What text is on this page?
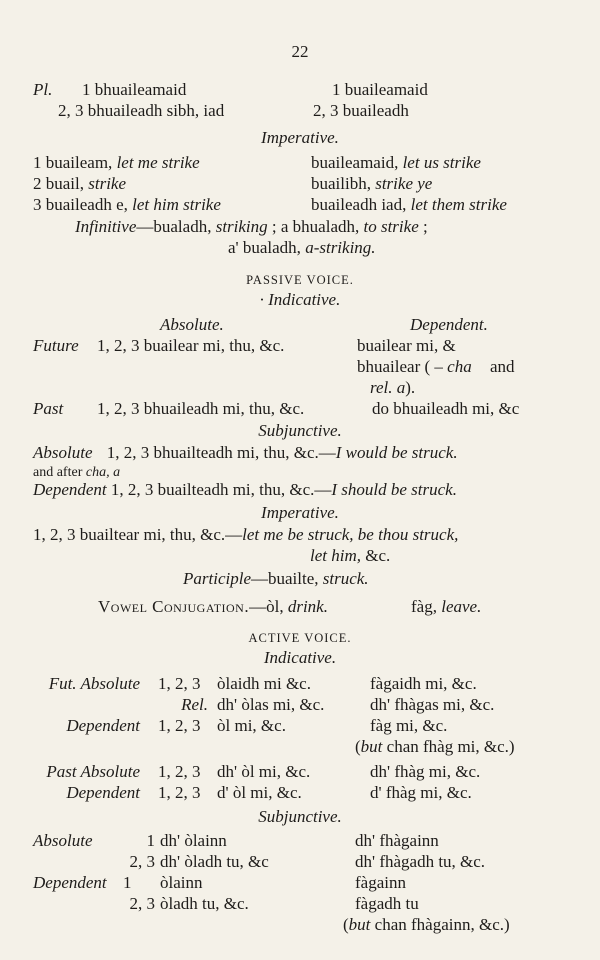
22
Pl. 1 bhuaileamaid	1 buaileamaid
2, 3 bhuaileadh sibh, iad	2, 3 buaileadh
Imperative.
1 buaileam, let me strike	buaileamaid, let us strike
2 buail, strike	buailibh, strike ye
3 buaileadh e, let him strike	buaileadh iad, let them strike
Infinitive—bualadh, striking ; a bhualadh, to strike ;
a' bualadh, a-striking.
PASSIVE VOICE.
· Indicative.
Absolute.	Dependent.
Future 1, 2, 3 buailear mi, thu, &c.	buailear mi, &
bhuailear ( – cha and
rel. a).
Past 1, 2, 3 bhuaileadh mi, thu, &c.	do bhuaileadh mi, &c
Subjunctive.
Absolute 1, 2, 3 bhuailteadh mi, thu, &c.—I would be struck.
and after cha, a
Dependent 1, 2, 3 buailteadh mi, thu, &c.—I should be struck.
Imperative.
1, 2, 3 buailtear mi, thu, &c.—let me be struck, be thou struck,
let him, &c.
Participle—buailte, struck.
Vowel Conjugation.—òl, drink.	fàg, leave.
ACTIVE VOICE.
Indicative.
Fut. Absolute 1, 2, 3 òlaidh mi &c.	fàgaidh mi, &c.
Rel. dh' òlas mi, &c.	dh' fhàgas mi, &c.
Dependent 1, 2, 3 òl mi, &c.	fàg mi, &c.
(but chan fhàg mi, &c.)
Past Absolute 1, 2, 3 dh' òl mi, &c.	dh' fhàg mi, &c.
Dependent 1, 2, 3 d' òl mi, &c.	d' fhàg mi, &c.
Subjunctive.
Absolute	1 dh' òlainn	dh' fhàgainn
2, 3 dh' òladh tu, &c	dh' fhàgadh tu, &c.
Dependent 1 òlainn	fàgainn
2, 3 òladh tu, &c.	fàgadh tu
(but chan fhàgainn, &c.)
